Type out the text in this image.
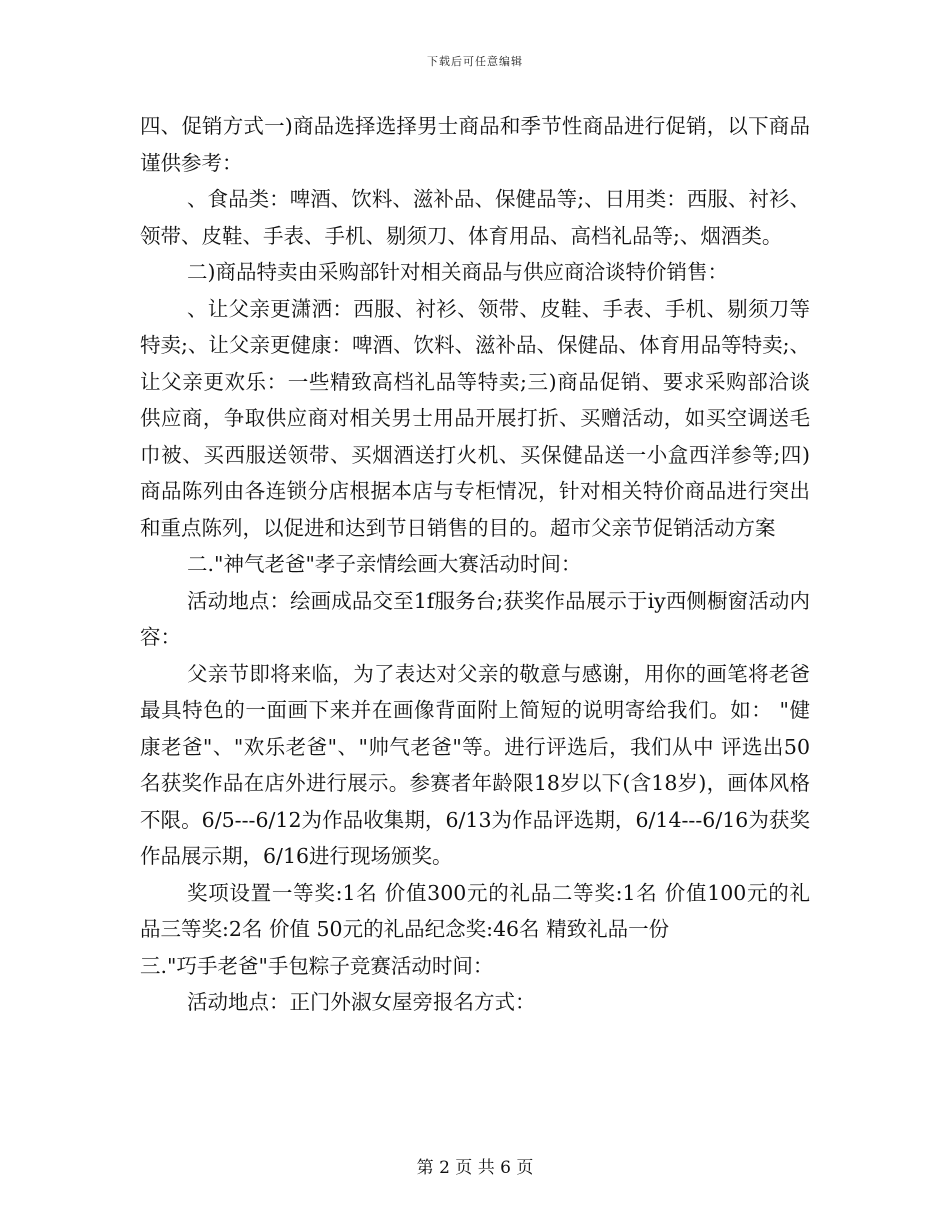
下载后可任意编辑

四、促销方式一)商品选择选择男士商品和季节性商品进行促销，以下商品谨供参考：

、食品类：啤酒、饮料、滋补品、保健品等;、日用类：西服、衬衫、领带、皮鞋、手表、手机、剔须刀、体育用品、高档礼品等;、烟酒类。

二)商品特卖由采购部针对相关商品与供应商洽谈特价销售：

、让父亲更潇洒：西服、衬衫、领带、皮鞋、手表、手机、剔须刀等特卖;、让父亲更健康：啤酒、饮料、滋补品、保健品、体育用品等特卖;、让父亲更欢乐：一些精致高档礼品等特卖;三)商品促销、要求采购部洽谈供应商，争取供应商对相关男士用品开展打折、买赠活动，如买空调送毛巾被、买西服送领带、买烟酒送打火机、买保健品送一小盒西洋参等;四)商品陈列由各连锁分店根据本店与专柜情况，针对相关特价商品进行突出和重点陈列，以促进和达到节日销售的目的。超市父亲节促销活动方案

二."神气老爸"孝子亲情绘画大赛活动时间：

活动地点：绘画成品交至1f服务台;获奖作品展示于iy西侧橱窗活动内容：

父亲节即将来临，为了表达对父亲的敬意与感谢，用你的画笔将老爸 最具特色的一面画下来并在画像背面附上简短的说明寄给我们。如： "健康老爸"、"欢乐老爸"、"帅气老爸"等。进行评选后，我们从中 评选出50名获奖作品在店外进行展示。参赛者年龄限18岁以下(含18岁)，画体风格不限。6/5---6/12为作品收集期，6/13为作品评选期，6/14---6/16为获奖作品展示期，6/16进行现场颁奖。

奖项设置一等奖:1名 价值300元的礼品二等奖:1名 价值100元的礼品三等奖:2名 价值 50元的礼品纪念奖:46名 精致礼品一份

三."巧手老爸"手包粽子竞赛活动时间：

活动地点：正门外淑女屋旁报名方式：

第 2 页 共 6 页
